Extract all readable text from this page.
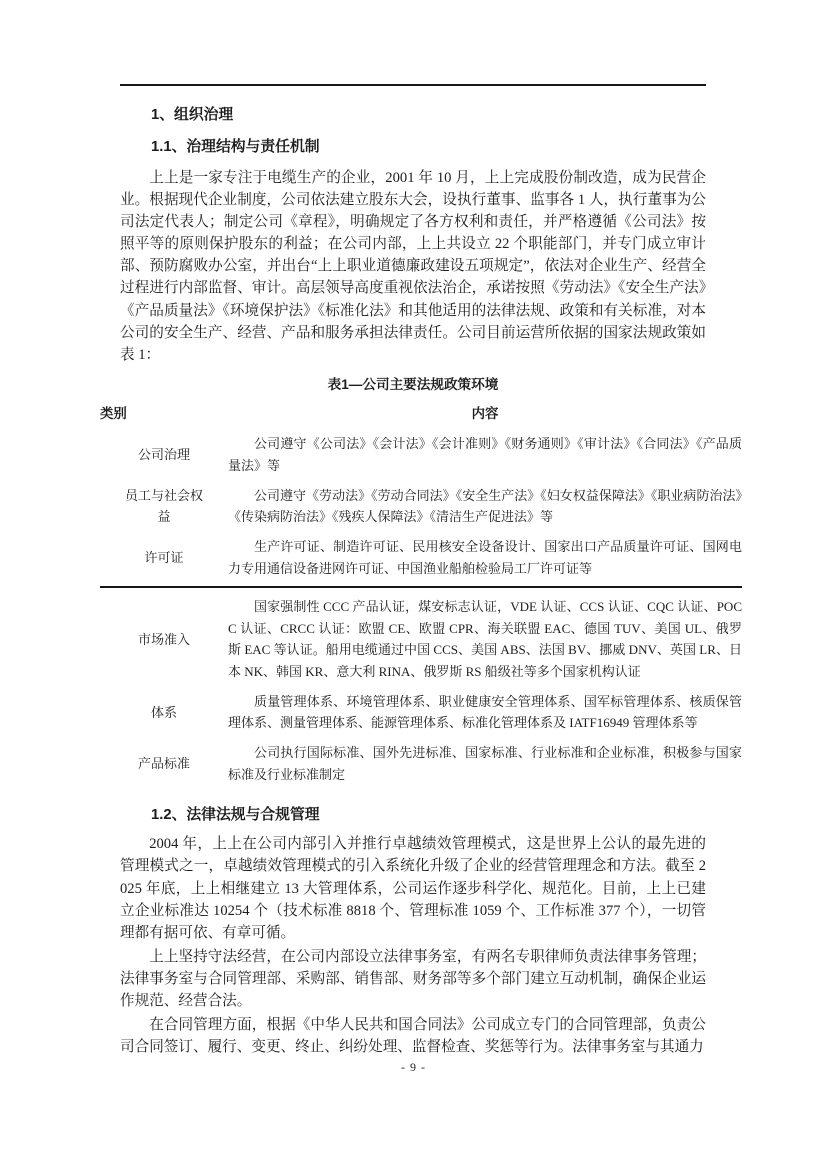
1、组织治理
1.1、治理结构与责任机制

上上是一家专注于电缆生产的企业，2001 年 10 月，上上完成股份制改造，成为民营企业。根据现代企业制度，公司依法建立股东大会，设执行董事、监事各 1 人，执行董事为公司法定代表人；制定公司《章程》，明确规定了各方权利和责任，并严格遵循《公司法》按照平等的原则保护股东的利益；在公司内部，上上共设立 22 个职能部门，并专门成立审计部、预防腐败办公室，并出台“上上职业道德廉政建设五项规定”，依法对企业生产、经营全过程进行内部监督、审计。高层领导高度重视依法治企，承诺按照《劳动法》《安全生产法》《产品质量法》《环境保护法》《标准化法》和其他适用的法律法规、政策和有关标准，对本公司的安全生产、经营、产品和服务承担法律责任。公司目前运营所依据的国家法规政策如表 1：

表1—公司主要法规政策环境
类别	内容
公司治理	公司遵守《公司法》《会计法》《会计准则》《财务通则》《审计法》《合同法》《产品质量法》等
员工与社会权益	公司遵守《劳动法》《劳动合同法》《安全生产法》《妇女权益保障法》《职业病防治法》《传染病防治法》《残疾人保障法》《清洁生产促进法》等
许可证	生产许可证、制造许可证、民用核安全设备设计、国家出口产品质量许可证、国网电力专用通信设备进网许可证、中国渔业船舶检验局工厂许可证等
市场准入	国家强制性 CCC 产品认证，煤安标志认证，VDE 认证、CCS 认证、CQC 认证、POCC 认证、CRCC 认证：欧盟 CE、欧盟 CPR、海关联盟 EAC、德国 TUV、美国 UL、俄罗斯 EAC 等认证。船用电缆通过中国 CCS、美国 ABS、法国 BV、挪威 DNV、英国 LR、日本 NK、韩国 KR、意大利 RINA、俄罗斯 RS 船级社等多个国家机构认证
体系	质量管理体系、环境管理体系、职业健康安全管理体系、国军标管理体系、核质保管理体系、测量管理体系、能源管理体系、标准化管理体系及 IATF16949 管理体系等
产品标准	公司执行国际标准、国外先进标准、国家标准、行业标准和企业标准，积极参与国家标准及行业标准制定
1.2、法律法规与合规管理

2004 年，上上在公司内部引入并推行卓越绩效管理模式，这是世界上公认的最先进的管理模式之一，卓越绩效管理模式的引入系统化升级了企业的经营管理理念和方法。截至 2025 年底，上上相继建立 13 大管理体系，公司运作逐步科学化、规范化。目前，上上已建立企业标准达 10254 个（技术标准 8818 个、管理标准 1059 个、工作标准 377 个），一切管理都有据可依、有章可循。

上上坚持守法经营，在公司内部设立法律事务室，有两名专职律师负责法律事务管理；法律事务室与合同管理部、采购部、销售部、财务部等多个部门建立互动机制，确保企业运作规范、经营合法。

在合同管理方面，根据《中华人民共和国合同法》公司成立专门的合同管理部，负责公司合同签订、履行、变更、终止、纠纷处理、监督检查、奖惩等行为。法律事务室与其通力

- 9 -
